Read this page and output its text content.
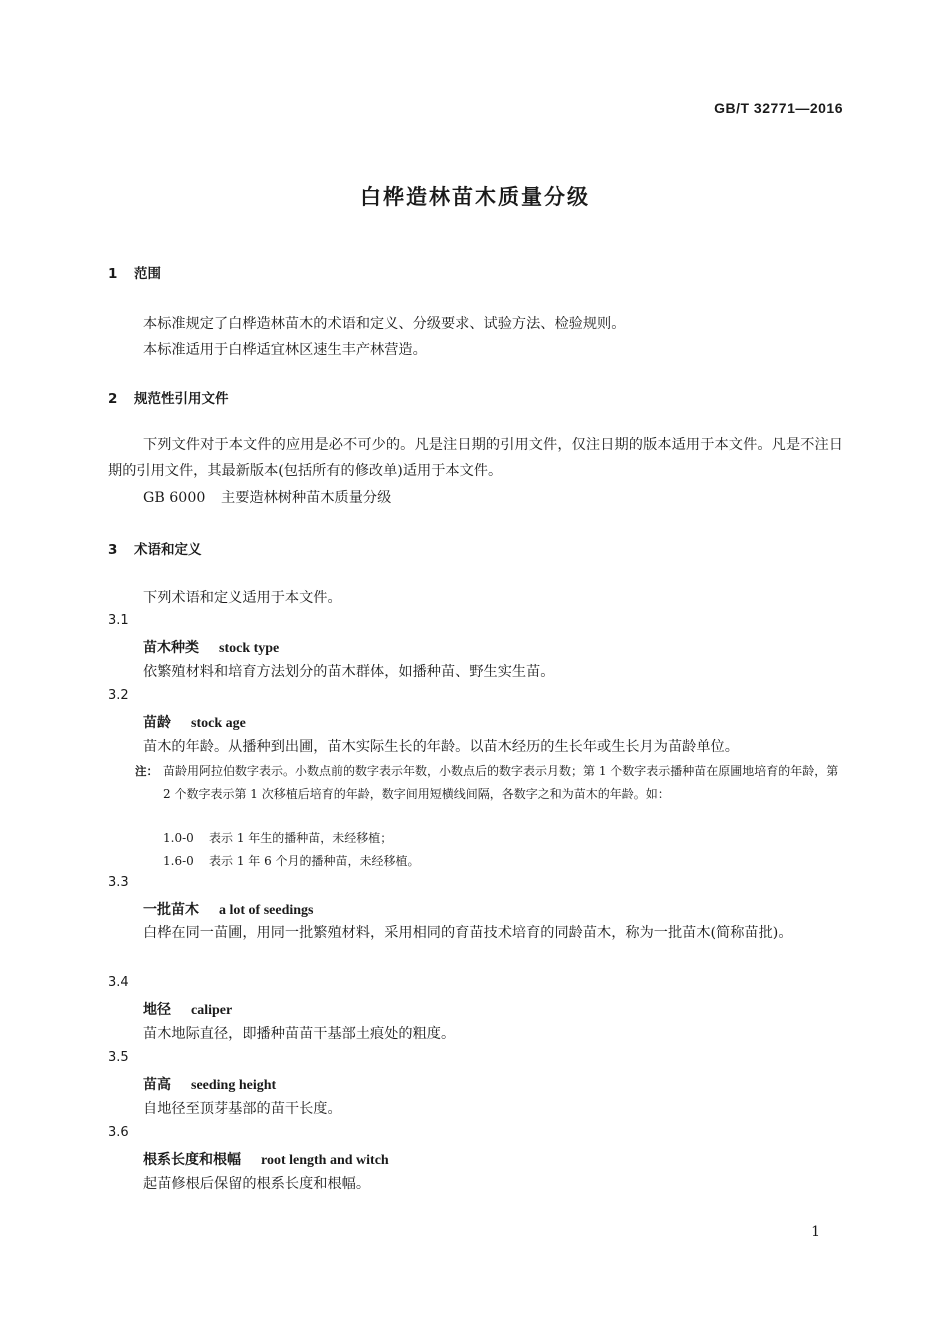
GB/T 32771—2016
白桦造林苗木质量分级
1 范围
本标准规定了白桦造林苗木的术语和定义、分级要求、试验方法、检验规则。
本标准适用于白桦适宜林区速生丰产林营造。
2 规范性引用文件
下列文件对于本文件的应用是必不可少的。凡是注日期的引用文件，仅注日期的版本适用于本文件。凡是不注日期的引用文件，其最新版本(包括所有的修改单)适用于本文件。
GB 6000 主要造林树种苗木质量分级
3 术语和定义
下列术语和定义适用于本文件。
3.1
苗木种类 stock type
依繁殖材料和培育方法划分的苗木群体，如播种苗、野生实生苗。
3.2
苗龄 stock age
苗木的年龄。从播种到出圃，苗木实际生长的年龄。以苗木经历的生长年或生长月为苗龄单位。
注： 苗龄用阿拉伯数字表示。小数点前的数字表示年数，小数点后的数字表示月数；第 1 个数字表示播种苗在原圃地培育的年龄，第 2 个数字表示第 1 次移植后培育的年龄，数字间用短横线间隔，各数字之和为苗木的年龄。如：
1.0-0 表示 1 年生的播种苗，未经移植；
1.6-0 表示 1 年 6 个月的播种苗，未经移植。
3.3
一批苗木 a lot of seedings
白桦在同一苗圃，用同一批繁殖材料，采用相同的育苗技术培育的同龄苗木，称为一批苗木(简称苗批)。
3.4
地径 caliper
苗木地际直径，即播种苗苗干基部土痕处的粗度。
3.5
苗高 seeding height
自地径至顶芽基部的苗干长度。
3.6
根系长度和根幅 root length and witch
起苗修根后保留的根系长度和根幅。
1
